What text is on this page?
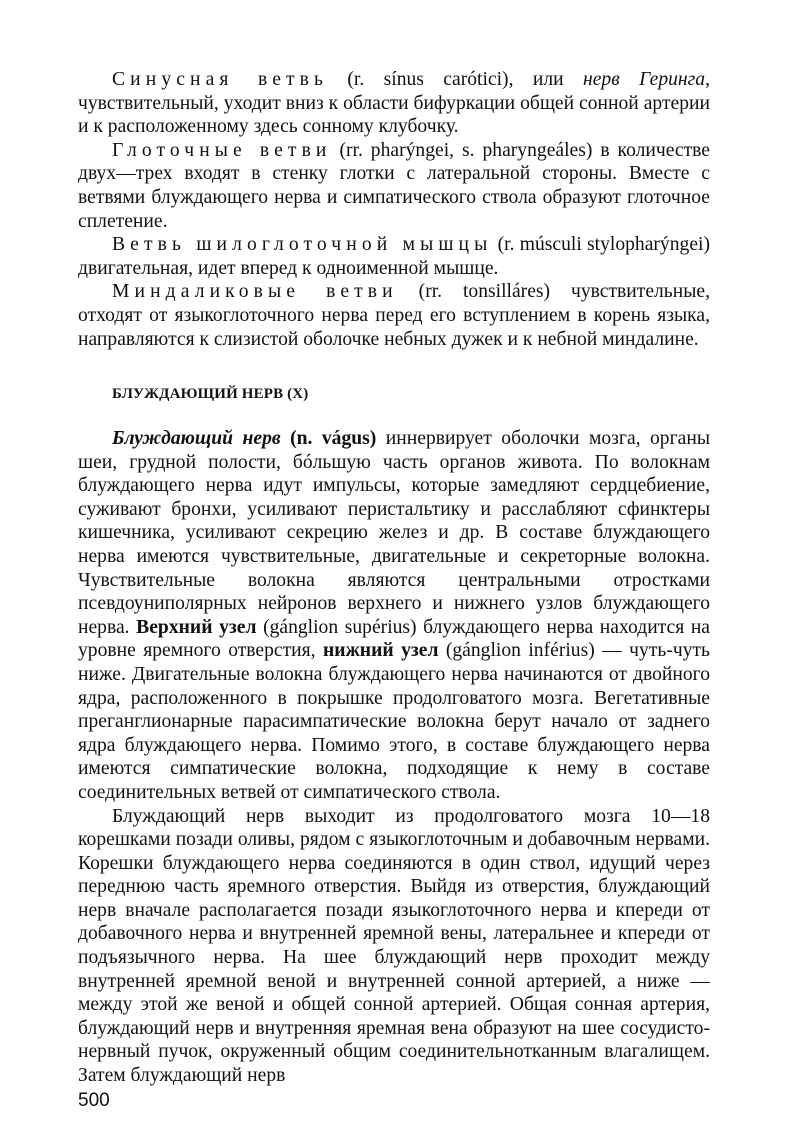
Синусная ветвь (r. sínus carótici), или нерв Геринга, чувствительный, уходит вниз к области бифуркации общей сонной артерии и к расположенному здесь сонному клубочку.

Глоточные ветви (rr. pharýngei, s. pharyngeáles) в количестве двух—трех входят в стенку глотки с латеральной стороны. Вместе с ветвями блуждающего нерва и симпатического ствола образуют глоточное сплетение.

Ветвь шилоглоточной мышцы (r. músculi stylopharýngei) двигательная, идет вперед к одноименной мышце.

Миндаликовые ветви (rr. tonsilláres) чувствительные, отходят от языкоглоточного нерва перед его вступлением в корень языка, направляются к слизистой оболочке небных дужек и к небной миндалине.

БЛУЖДАЮЩИЙ НЕРВ (X)

Блуждающий нерв (n. vágus) иннервирует оболочки мозга, органы шеи, грудной полости, бóльшую часть органов живота. По волокнам блуждающего нерва идут импульсы, которые замедляют сердцебиение, суживают бронхи, усиливают перистальтику и расслабляют сфинктеры кишечника, усиливают секрецию желез и др. В составе блуждающего нерва имеются чувствительные, двигательные и секреторные волокна. Чувствительные волокна являются центральными отростками псевдоуниполярных нейронов верхнего и нижнего узлов блуждающего нерва. Верхний узел (gánglion supérius) блуждающего нерва находится на уровне яремного отверстия, нижний узел (gánglion inférius) — чуть-чуть ниже. Двигательные волокна блуждающего нерва начинаются от двойного ядра, расположенного в покрышке продолговатого мозга. Вегетативные преганглионарные парасимпатические волокна берут начало от заднего ядра блуждающего нерва. Помимо этого, в составе блуждающего нерва имеются симпатические волокна, подходящие к нему в составе соединительных ветвей от симпатического ствола.

Блуждающий нерв выходит из продолговатого мозга 10—18 корешками позади оливы, рядом с языкоглоточным и добавочным нервами. Корешки блуждающего нерва соединяются в один ствол, идущий через переднюю часть яремного отверстия. Выйдя из отверстия, блуждающий нерв вначале располагается позади языкоглоточного нерва и кпереди от добавочного нерва и внутренней яремной вены, латеральнее и кпереди от подъязычного нерва. На шее блуждающий нерв проходит между внутренней яремной веной и внутренней сонной артерией, а ниже — между этой же веной и общей сонной артерией. Общая сонная артерия, блуждающий нерв и внутренняя яремная вена образуют на шее сосудисто-нервный пучок, окруженный общим соединительнотканным влагалищем. Затем блуждающий нерв

500
